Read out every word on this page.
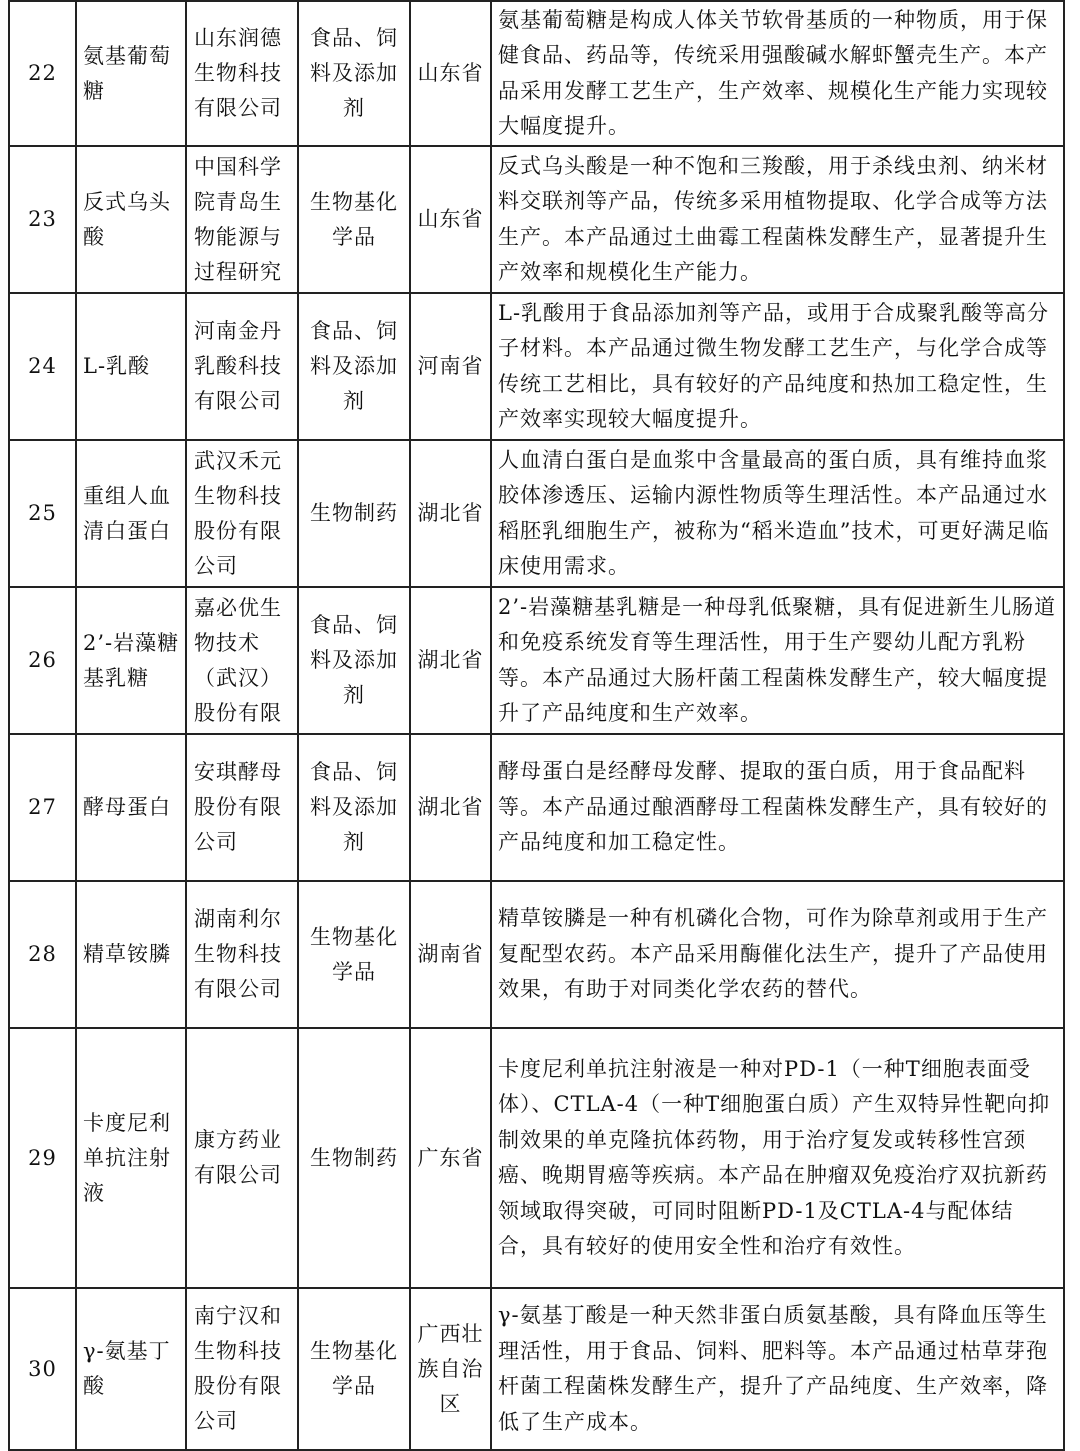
22	氨基葡萄糖	山东润德生物科技有限公司	食品、饲料及添加剂	山东省	氨基葡萄糖是构成人体关节软骨基质的一种物质，用于保健食品、药品等，传统采用强酸碱水解虾蟹壳生产。本产品采用发酵工艺生产，生产效率、规模化生产能力实现较大幅度提升。
23	反式乌头酸	中国科学院青岛生物能源与过程研究	生物基化学品	山东省	反式乌头酸是一种不饱和三羧酸，用于杀线虫剂、纳米材料交联剂等产品，传统多采用植物提取、化学合成等方法生产。本产品通过土曲霉工程菌株发酵生产，显著提升生产效率和规模化生产能力。
24	L-乳酸	河南金丹乳酸科技有限公司	食品、饲料及添加剂	河南省	L-乳酸用于食品添加剂等产品，或用于合成聚乳酸等高分子材料。本产品通过微生物发酵工艺生产，与化学合成等传统工艺相比，具有较好的产品纯度和热加工稳定性，生产效率实现较大幅度提升。
25	重组人血清白蛋白	武汉禾元生物科技股份有限公司	生物制药	湖北省	人血清白蛋白是血浆中含量最高的蛋白质，具有维持血浆胶体渗透压、运输内源性物质等生理活性。本产品通过水稻胚乳细胞生产，被称为“稻米造血”技术，可更好满足临床使用需求。
26	2’-岩藻糖基乳糖	嘉必优生物技术（武汉）股份有限	食品、饲料及添加剂	湖北省	2’-岩藻糖基乳糖是一种母乳低聚糖，具有促进新生儿肠道和免疫系统发育等生理活性，用于生产婴幼儿配方乳粉等。本产品通过大肠杆菌工程菌株发酵生产，较大幅度提升了产品纯度和生产效率。
27	酵母蛋白	安琪酵母股份有限公司	食品、饲料及添加剂	湖北省	酵母蛋白是经酵母发酵、提取的蛋白质，用于食品配料等。本产品通过酿酒酵母工程菌株发酵生产，具有较好的产品纯度和加工稳定性。
28	精草铵膦	湖南利尔生物科技有限公司	生物基化学品	湖南省	精草铵膦是一种有机磷化合物，可作为除草剂或用于生产复配型农药。本产品采用酶催化法生产，提升了产品使用效果，有助于对同类化学农药的替代。
29	卡度尼利单抗注射液	康方药业有限公司	生物制药	广东省	卡度尼利单抗注射液是一种对PD-1（一种T细胞表面受体）、CTLA-4（一种T细胞蛋白质）产生双特异性靶向抑制效果的单克隆抗体药物，用于治疗复发或转移性宫颈癌、晚期胃癌等疾病。本产品在肿瘤双免疫治疗双抗新药领域取得突破，可同时阻断PD-1及CTLA-4与配体结合，具有较好的使用安全性和治疗有效性。
30	γ-氨基丁酸	南宁汉和生物科技股份有限公司	生物基化学品	广西壮族自治区	γ-氨基丁酸是一种天然非蛋白质氨基酸，具有降血压等生理活性，用于食品、饲料、肥料等。本产品通过枯草芽孢杆菌工程菌株发酵生产，提升了产品纯度、生产效率，降低了生产成本。
